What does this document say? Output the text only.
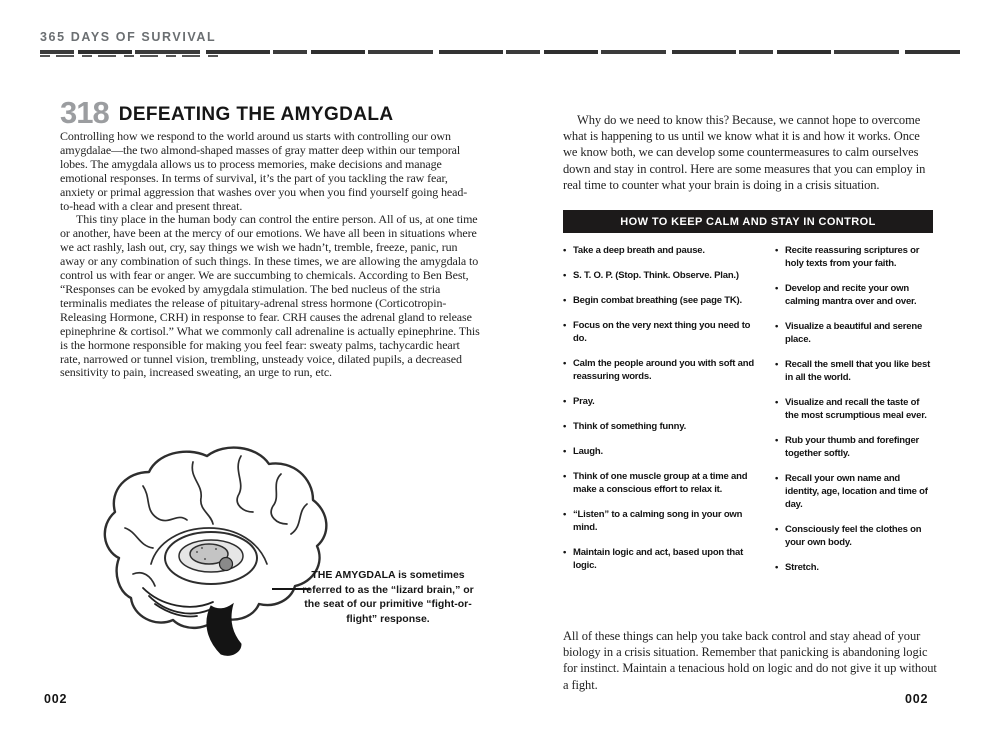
365 DAYS OF SURVIVAL
318 DEFEATING THE AMYGDALA

Controlling how we respond to the world around us starts with controlling our own amygdalae—the two almond-shaped masses of gray matter deep within our temporal lobes. The amygdala allows us to process memories, make decisions and manage emotional responses. In terms of survival, it’s the part of you tackling the raw fear, anxiety or primal aggression that washes over you when you find yourself going head-to-head with a clear and present threat.

This tiny place in the human body can control the entire person. All of us, at one time or another, have been at the mercy of our emotions. We have all been in situations where we act rashly, lash out, cry, say things we wish we hadn’t, tremble, freeze, panic, run away or any combination of such things. In these times, we are allowing the amygdala to control us with fear or anger. We are succumbing to chemicals. According to Ben Best, “Responses can be evoked by amygdala stimulation. The bed nucleus of the stria terminalis mediates the release of pituitary-adrenal stress hormone (Corticotropin-Releasing Hormone, CRH) in response to fear. CRH causes the adrenal gland to release epinephrine & cortisol.” What we commonly call adrenaline is actually epinephrine. This is the hormone responsible for making you feel fear: sweaty palms, tachycardic heart rate, narrowed or tunnel vision, trembling, unsteady voice, dilated pupils, a decreased sensitivity to pain, increased sweating, an urge to run, etc.

THE AMYGDALA is sometimes referred to as the “lizard brain,” or the seat of our primitive “fight-or-flight” response.

Why do we need to know this? Because, we cannot hope to overcome what is happening to us until we know what it is and how it works. Once we know both, we can develop some countermeasures to calm ourselves down and stay in control. Here are some measures that you can employ in real time to counter what your brain is doing in a crisis situation.

HOW TO KEEP CALM AND STAY IN CONTROL
• Take a deep breath and pause.
• S. T. O. P. (Stop. Think. Observe. Plan.)
• Begin combat breathing (see page TK).
• Focus on the very next thing you need to do.
• Calm the people around you with soft and reassuring words.
• Pray.
• Think of something funny.
• Laugh.
• Think of one muscle group at a time and make a conscious effort to relax it.
• “Listen” to a calming song in your own mind.
• Maintain logic and act, based upon that logic.
• Recite reassuring scriptures or holy texts from your faith.
• Develop and recite your own calming mantra over and over.
• Visualize a beautiful and serene place.
• Recall the smell that you like best in all the world.
• Visualize and recall the taste of the most scrumptious meal ever.
• Rub your thumb and forefinger together softly.
• Recall your own name and identity, age, location and time of day.
• Consciously feel the clothes on your own body.
• Stretch.

All of these things can help you take back control and stay ahead of your biology in a crisis situation. Remember that panicking is abandoning logic for instinct. Maintain a tenacious hold on logic and do not give it up without a fight.

002	002
